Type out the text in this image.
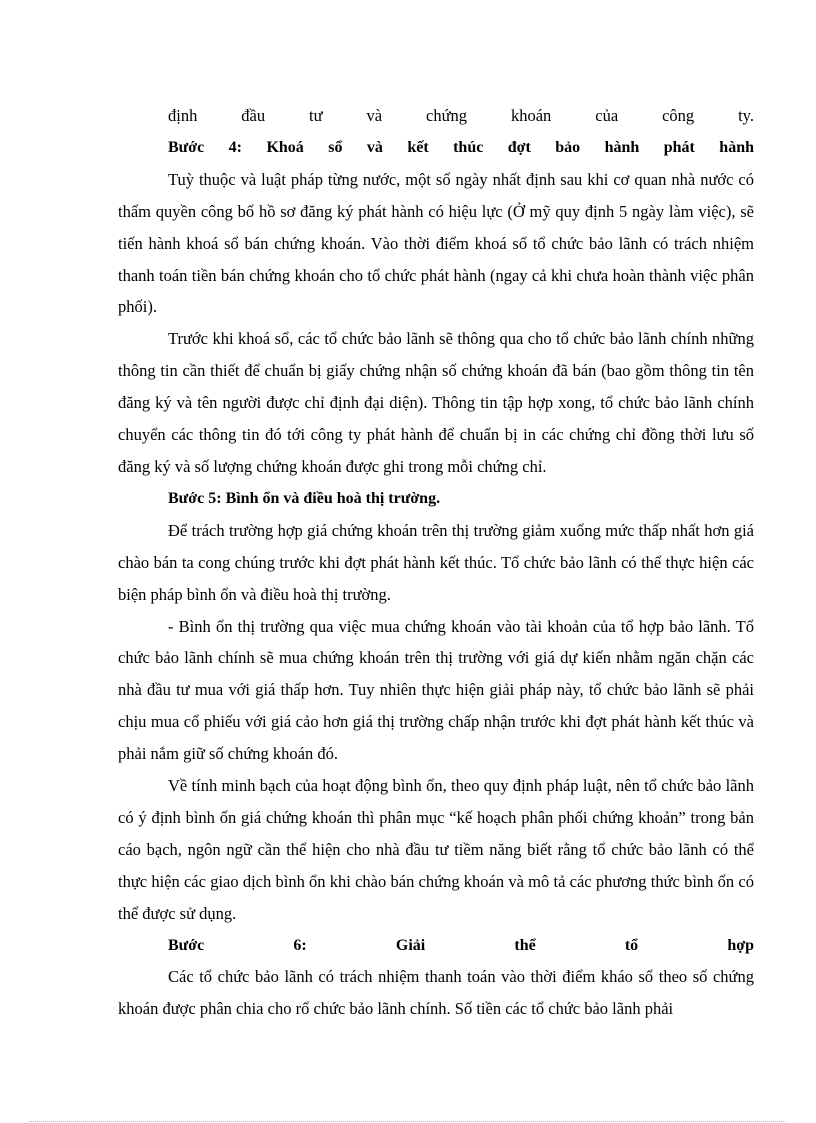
định đầu tư và chứng khoán của công ty.

Bước 4: Khoá sổ và kết thúc đợt bảo hành phát hành

Tuỳ thuộc và luật pháp từng nước, một số ngày nhất định sau khi cơ quan nhà nước có thẩm quyền công bố hồ sơ đăng ký phát hành có hiệu lực (Ở mỹ quy định 5 ngày làm việc), sẽ tiến hành khoá sổ bán chứng khoán. Vào thời điểm khoá sổ tổ chức bảo lãnh có trách nhiệm thanh toán tiền bán chứng khoán cho tổ chức phát hành (ngay cả khi chưa hoàn thành việc phân phối).

Trước khi khoá sổ, các tổ chức bảo lãnh sẽ thông qua cho tổ chức bảo lãnh chính những thông tin cần thiết để chuẩn bị giấy chứng nhận số chứng khoán đã bán (bao gồm thông tin tên đăng ký và tên người được chỉ định đại diện). Thông tin tập hợp xong, tổ chức bảo lãnh chính chuyển các thông tin đó tới công ty phát hành để chuẩn bị in các chứng chỉ đồng thời lưu số đăng ký và số lượng chứng khoán được ghi trong mỗi chứng chỉ.

Bước 5: Bình ổn và điều hoà thị trường.

Để trách trường hợp giá chứng khoán trên thị trường giảm xuống mức thấp nhất hơn giá chào bán ta cong chúng trước khi đợt phát hành kết thúc. Tổ chức bảo lãnh có thể thực hiện các biện pháp bình ổn và điều hoà thị trường.

- Bình ổn thị trường qua việc mua chứng khoán vào tài khoản của tổ hợp bảo lãnh. Tổ chức bảo lãnh chính sẽ mua chứng khoán trên thị trường với giá dự kiến nhằm ngăn chặn các nhà đầu tư mua với giá thấp hơn. Tuy nhiên thực hiện giải pháp này, tổ chức bảo lãnh sẽ phải chịu mua cổ phiếu với giá cảo hơn giá thị trường chấp nhận trước khi đợt phát hành kết thúc và phải nắm giữ số chứng khoán đó.

Về tính minh bạch của hoạt động bình ổn, theo quy định pháp luật, nên tổ chức bảo lãnh có ý định bình ổn giá chứng khoán thì phân mục “kế hoạch phân phối chứng khoản” trong bản cáo bạch, ngôn ngữ cần thể hiện cho nhà đầu tư tiềm năng biết rằng tổ chức bảo lãnh có thể thực hiện các giao dịch bình ổn khi chào bán chứng khoán và mô tả các phương thức bình ổn có thể được sử dụng.

Bước 6: Giải thể tổ hợp

Các tổ chức bảo lãnh có trách nhiệm thanh toán vào thời điểm kháo sổ theo số chứng khoán được phân chia cho rổ chức bảo lãnh chính. Số tiền các tổ chức bảo lãnh phải
